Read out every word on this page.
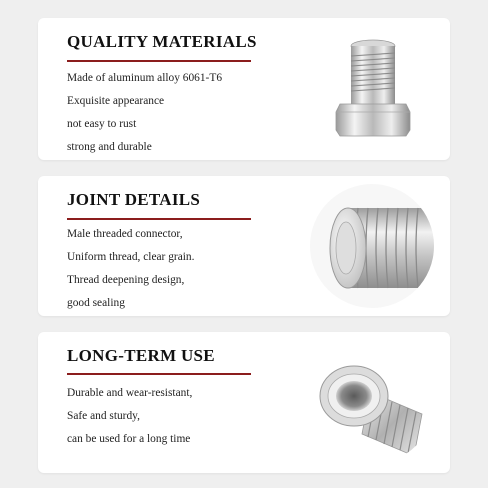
QUALITY MATERIALS
Made of aluminum alloy 6061-T6
Exquisite appearance
not easy to rust
strong and durable
JOINT DETAILS
Male threaded connector,
Uniform thread, clear grain.
Thread deepening design,
good sealing
LONG-TERM USE
Durable and wear-resistant,
Safe and sturdy,
can be used for a long time
